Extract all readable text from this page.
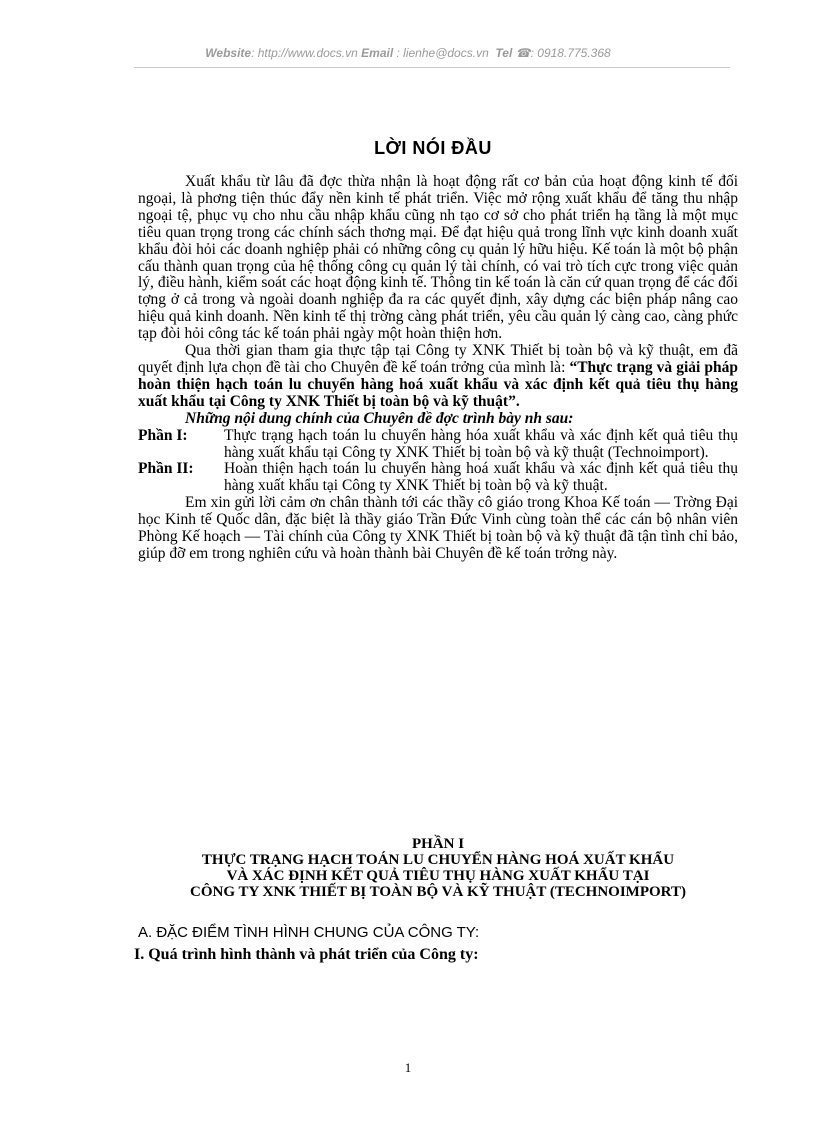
Website: http://www.docs.vn Email : lienhe@docs.vn Tel ☎: 0918.775.368
LỜI NÓI ĐẦU

Xuất khẩu từ lâu đã đợc thừa nhận là hoạt động rất cơ bản của hoạt động kinh tế đối ngoại, là phơng tiện thúc đẩy nền kinh tế phát triển. Việc mở rộng xuất khẩu để tăng thu nhập ngoại tệ, phục vụ cho nhu cầu nhập khẩu cũng nh tạo cơ sở cho phát triển hạ tầng là một mục tiêu quan trọng trong các chính sách thơng mại. Để đạt hiệu quả trong lĩnh vực kinh doanh xuất khẩu đòi hỏi các doanh nghiệp phải có những công cụ quản lý hữu hiệu. Kế toán là một bộ phận cấu thành quan trọng của hệ thống công cụ quản lý tài chính, có vai trò tích cực trong việc quản lý, điều hành, kiểm soát các hoạt động kinh tế. Thông tin kế toán là căn cứ quan trọng để các đối tợng ở cả trong và ngoài doanh nghiệp đa ra các quyết định, xây dựng các biện pháp nâng cao hiệu quả kinh doanh. Nền kinh tế thị trờng càng phát triển, yêu cầu quản lý càng cao, càng phức tạp đòi hỏi công tác kế toán phải ngày một hoàn thiện hơn.

Qua thời gian tham gia thực tập tại Công ty XNK Thiết bị toàn bộ và kỹ thuật, em đã quyết định lựa chọn đề tài cho Chuyên đề kế toán trởng của mình là: “Thực trạng và giải pháp hoàn thiện hạch toán lu chuyển hàng hoá xuất khẩu và xác định kết quả tiêu thụ hàng xuất khẩu tại Công ty XNK Thiết bị toàn bộ và kỹ thuật”.

Những nội dung chính của Chuyên đề đợc trình bày nh sau:

Phần I:	Thực trạng hạch toán lu chuyển hàng hóa xuất khẩu và xác định kết quả tiêu thụ hàng xuất khẩu tại Công ty XNK Thiết bị toàn bộ và kỹ thuật (Technoimport).
Phần II:	Hoàn thiện hạch toán lu chuyển hàng hoá xuất khẩu và xác định kết quả tiêu thụ hàng xuất khẩu tại Công ty XNK Thiết bị toàn bộ và kỹ thuật.

Em xin gửi lời cảm ơn chân thành tới các thầy cô giáo trong Khoa Kế toán — Trờng Đại học Kinh tế Quốc dân, đặc biệt là thầy giáo Trần Đức Vinh cùng toàn thể các cán bộ nhân viên Phòng Kế hoạch — Tài chính của Công ty XNK Thiết bị toàn bộ và kỹ thuật đã tận tình chỉ bảo, giúp đỡ em trong nghiên cứu và hoàn thành bài Chuyên đề kế toán trởng này.

PHẦN I
THỰC TRẠNG HẠCH TOÁN LU CHUYỂN HÀNG HOÁ XUẤT KHẨU
VÀ XÁC ĐỊNH KẾT QUẢ TIÊU THỤ HÀNG XUẤT KHẨU TẠI
CÔNG TY XNK THIẾT BỊ TOÀN BỘ VÀ KỸ THUẬT (TECHNOIMPORT)
A. ĐẶC ĐIỂM TÌNH HÌNH CHUNG CỦA CÔNG TY:
I. Quá trình hình thành và phát triển của Công ty:
1
